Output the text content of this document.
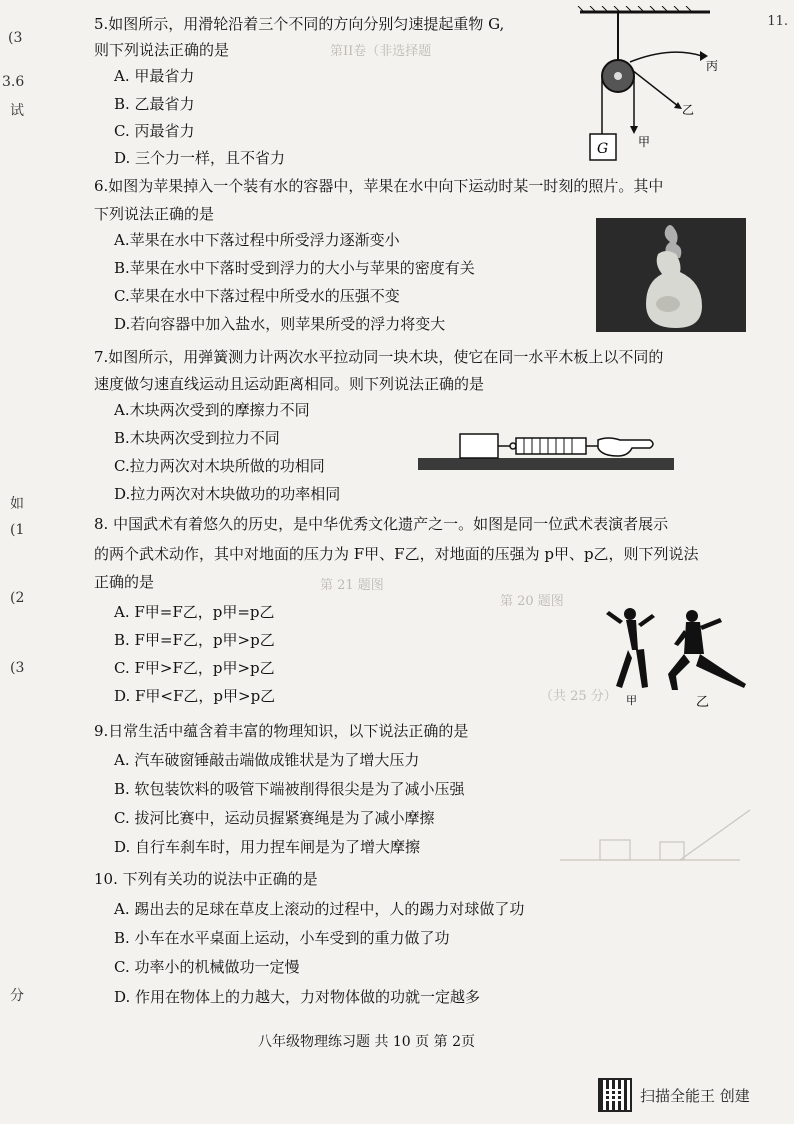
(3
3.6
试
如
(1
(2
(3
分
11.
第II卷（非选择题
第 21 题图
第 20 题图
（共 25 分）
5.如图所示，用滑轮沿着三个不同的方向分别匀速提起重物 G,
则下列说法正确的是
A. 甲最省力
B. 乙最省力
C. 丙最省力
D. 三个力一样，且不省力	G 甲
乙
丙
6.如图为苹果掉入一个装有水的容器中，苹果在水中向下运动时某一时刻的照片。其中
下列说法正确的是
A.苹果在水中下落过程中所受浮力逐渐变小
B.苹果在水中下落时受到浮力的大小与苹果的密度有关
C.苹果在水中下落过程中所受水的压强不变
D.若向容器中加入盐水，则苹果所受的浮力将变大
7.如图所示，用弹簧测力计两次水平拉动同一块木块，使它在同一水平木板上以不同的
速度做匀速直线运动且运动距离相同。则下列说法正确的是
A.木块两次受到的摩擦力不同
B.木块两次受到拉力不同
C.拉力两次对木块所做的功相同
D.拉力两次对木块做功的功率相同
8. 中国武术有着悠久的历史，是中华优秀文化遗产之一。如图是同一位武术表演者展示
的两个武术动作，其中对地面的压力为 F甲、F乙，对地面的压强为 p甲、p乙，则下列说法
正确的是
A. F甲=F乙，p甲=p乙
B. F甲=F乙，p甲>p乙
C. F甲>F乙，p甲>p乙
D. F甲<F乙，p甲>p乙	甲	乙
9.日常生活中蕴含着丰富的物理知识，以下说法正确的是
A. 汽车破窗锤敲击端做成锥状是为了增大压力
B. 软包装饮料的吸管下端被削得很尖是为了减小压强
C. 拔河比赛中，运动员握紧赛绳是为了减小摩擦
D. 自行车刹车时，用力捏车闸是为了增大摩擦
10. 下列有关功的说法中正确的是
A. 踢出去的足球在草皮上滚动的过程中，人的踢力对球做了功
B. 小车在水平桌面上运动，小车受到的重力做了功
C. 功率小的机械做功一定慢
D. 作用在物体上的力越大，力对物体做的功就一定越多
八年级物理练习题 共 10 页 第 2页
扫描全能王 创建
